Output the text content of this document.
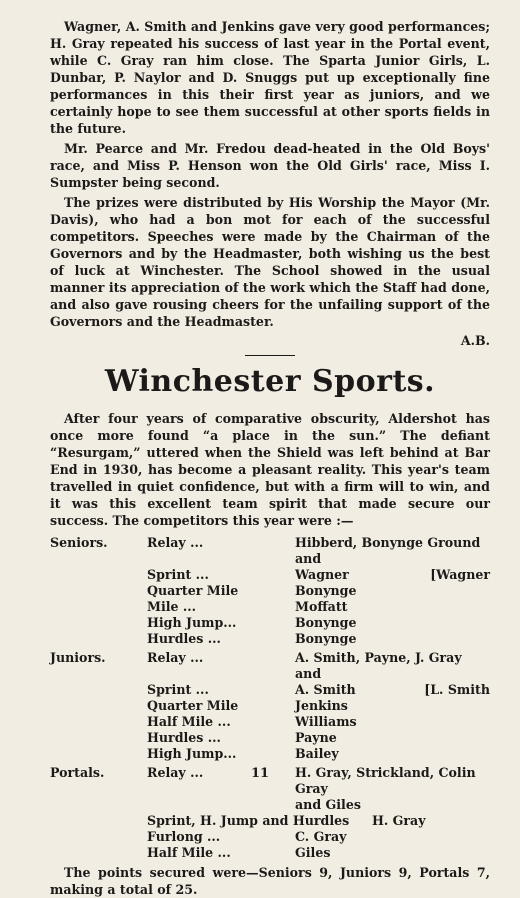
Wagner, A. Smith and Jenkins gave very good performances; H. Gray repeated his success of last year in the Portal event, while C. Gray ran him close. The Sparta Junior Girls, L. Dunbar, P. Naylor and D. Snuggs put up exceptionally fine performances in this their first year as juniors, and we certainly hope to see them successful at other sports fields in the future.

Mr. Pearce and Mr. Fredou dead-heated in the Old Boys' race, and Miss P. Henson won the Old Girls' race, Miss I. Sumpster being second.

The prizes were distributed by His Worship the Mayor (Mr. Davis), who had a bon mot for each of the successful competitors. Speeches were made by the Chairman of the Governors and by the Headmaster, both wishing us the best of luck at Winchester. The School showed in the usual manner its appreciation of the work which the Staff had done, and also gave rousing cheers for the unfailing support of the Governors and the Headmaster.

A.B.

Winchester Sports.

After four years of comparative obscurity, Aldershot has once more found “a place in the sun.” The defiant “Resurgam,” uttered when the Shield was left behind at Bar End in 1930, has become a pleasant reality. This year's team travelled in quiet confidence, but with a firm will to win, and it was this excellent team spirit that made secure our success. The competitors this year were :—

Seniors.	Relay ...	Hibberd, Bonynge Ground and
Sprint ...	Wagner	[Wagner
Quarter Mile	Bonynge
Mile ...	Moffatt
High Jump...	Bonynge
Hurdles ...	Bonynge
Juniors.	Relay ...	A. Smith, Payne, J. Gray and
Sprint ...	A. Smith	[L. Smith
Quarter Mile	Jenkins
Half Mile ...	Williams
Hurdles ...	Payne
High Jump...	Bailey
Portals.	Relay ...	H. Gray, Strickland, Colin Gray
and Giles
Sprint, H. Jump and Hurdles	H. Gray
Furlong ...	C. Gray
Half Mile ...	Giles

The points secured were—Seniors 9, Juniors 9, Portals 7, making a total of 25.

11
